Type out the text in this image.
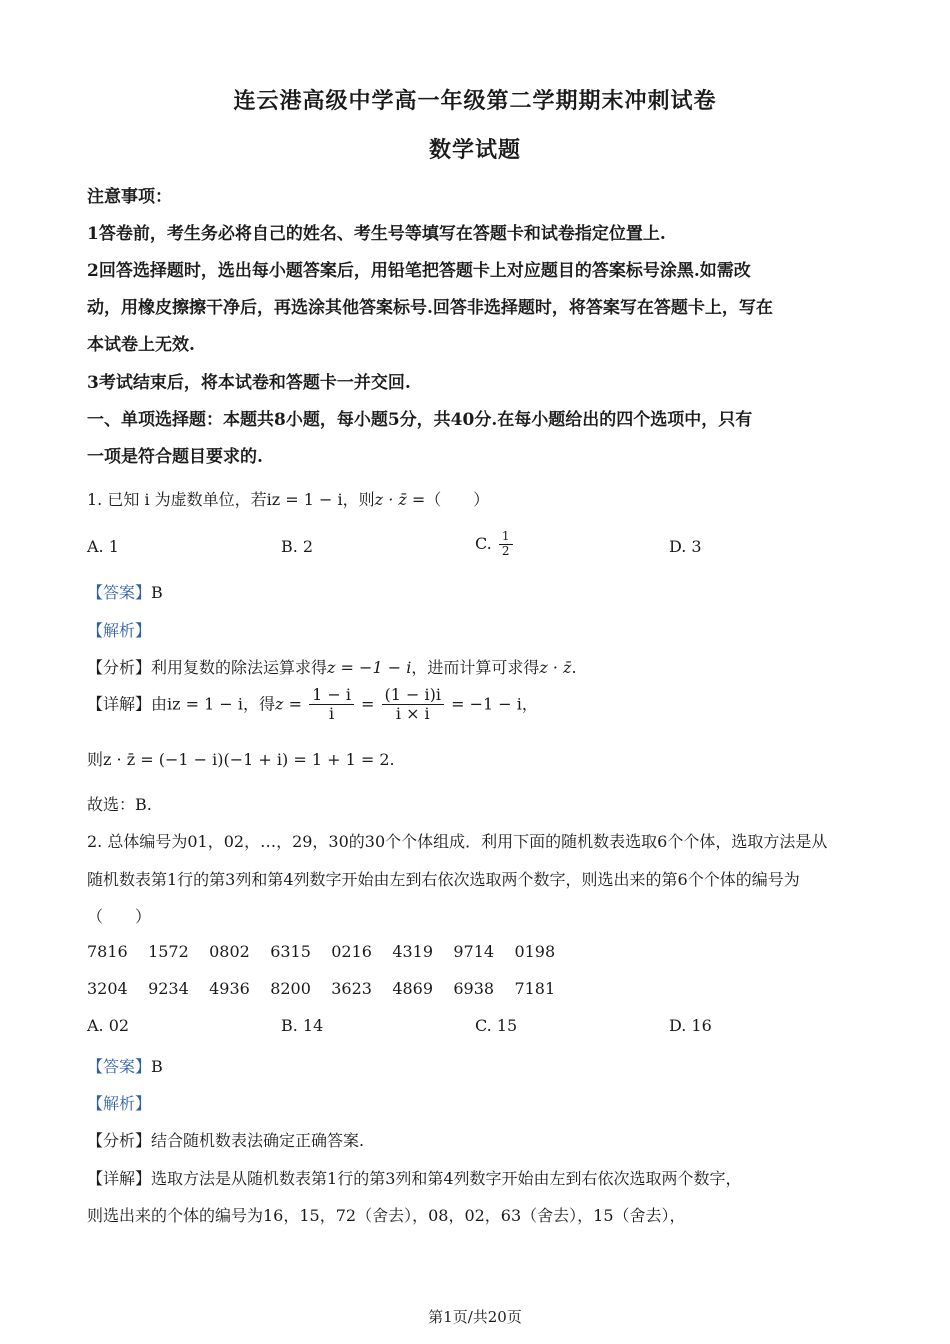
连云港高级中学高一年级第二学期期末冲刺试卷
数学试题
注意事项：
1答卷前，考生务必将自己的姓名、考生号等填写在答题卡和试卷指定位置上.
2回答选择题时，选出每小题答案后，用铅笔把答题卡上对应题目的答案标号涂黑.如需改
动，用橡皮擦擦干净后，再选涂其他答案标号.回答非选择题时，将答案写在答题卡上，写在
本试卷上无效.
3考试结束后，将本试卷和答题卡一并交回.
一、单项选择题：本题共8小题，每小题5分，共40分.在每小题给出的四个选项中，只有
一项是符合题目要求的.
1. 已知 i 为虚数单位，若iz = 1 − i，则z · z̄ =（　　）
A. 1	B. 2	C. $\frac{1}{2}$	D. 3
【答案】B
【解析】
【分析】利用复数的除法运算求得z = −1 − i，进而计算可求得z · z̄.
【详解】由iz = 1 − i，得$z = \frac{1 - i}{i} = \frac{(1 - i)i}{i \times i} = -1 - i$，
则z · z̄ = (−1 − i)(−1 + i) = 1 + 1 = 2.
故选：B.
2. 总体编号为01，02，…，29，30的30个个体组成．利用下面的随机数表选取6个个体，选取方法是从
随机数表第1行的第3列和第4列数字开始由左到右依次选取两个数字，则选出来的第6个个体的编号为
（　　）
7816 1572 0802 6315 0216 4319 9714 0198
3204 9234 4936 8200 3623 4869 6938 7181
A. 02	B. 14	C. 15	D. 16
【答案】B
【解析】
【分析】结合随机数表法确定正确答案.
【详解】选取方法是从随机数表第1行的第3列和第4列数字开始由左到右依次选取两个数字，
则选出来的个体的编号为16，15，72（舍去），08，02，63（舍去），15（舍去），
第1页/共20页
